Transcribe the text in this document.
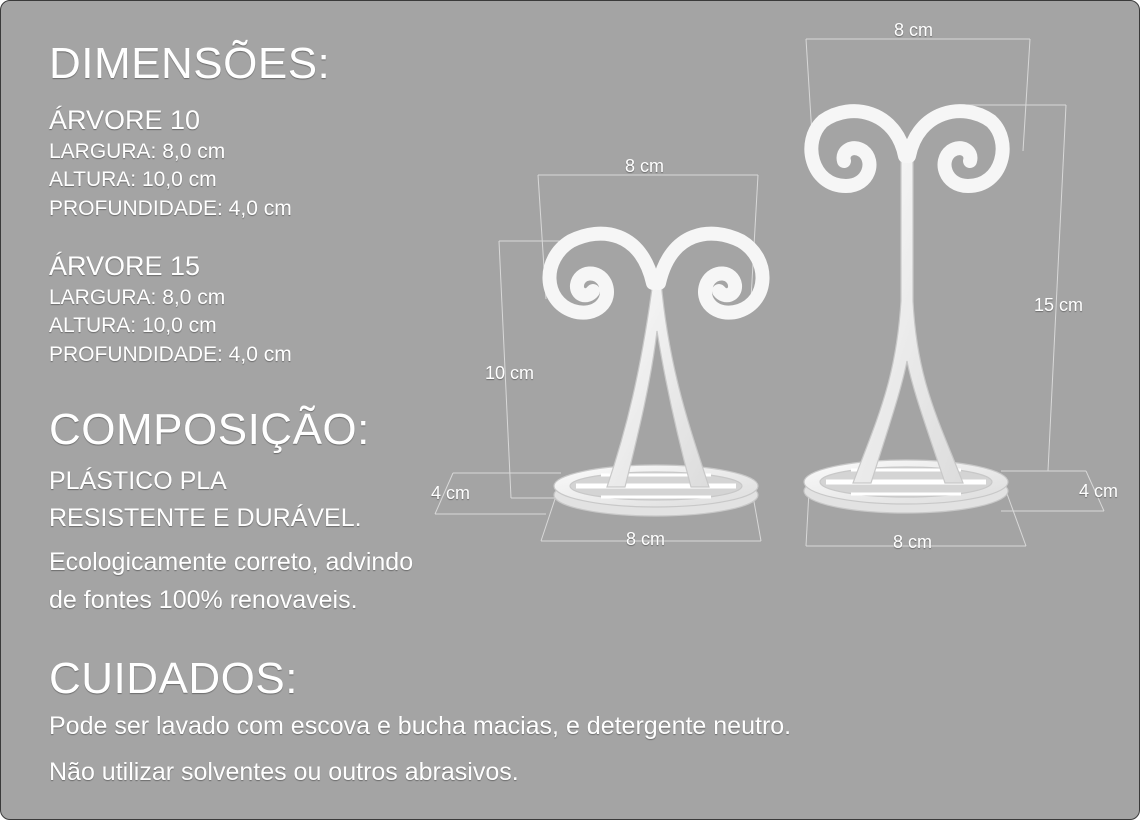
DIMENSÕES:
ÁRVORE 10
LARGURA: 8,0 cm
ALTURA: 10,0 cm
PROFUNDIDADE: 4,0 cm
ÁRVORE 15
LARGURA: 8,0 cm
ALTURA: 10,0 cm
PROFUNDIDADE: 4,0 cm
COMPOSIÇÃO:
PLÁSTICO PLA
RESISTENTE E DURÁVEL.
Ecologicamente correto, advindo
de fontes 100% renovaveis.
CUIDADOS:
Pode ser lavado com escova e bucha macias, e detergente neutro.
Não utilizar solventes ou outros abrasivos.
8 cm
10 cm
4 cm
8 cm
8 cm
15 cm
4 cm
8 cm
